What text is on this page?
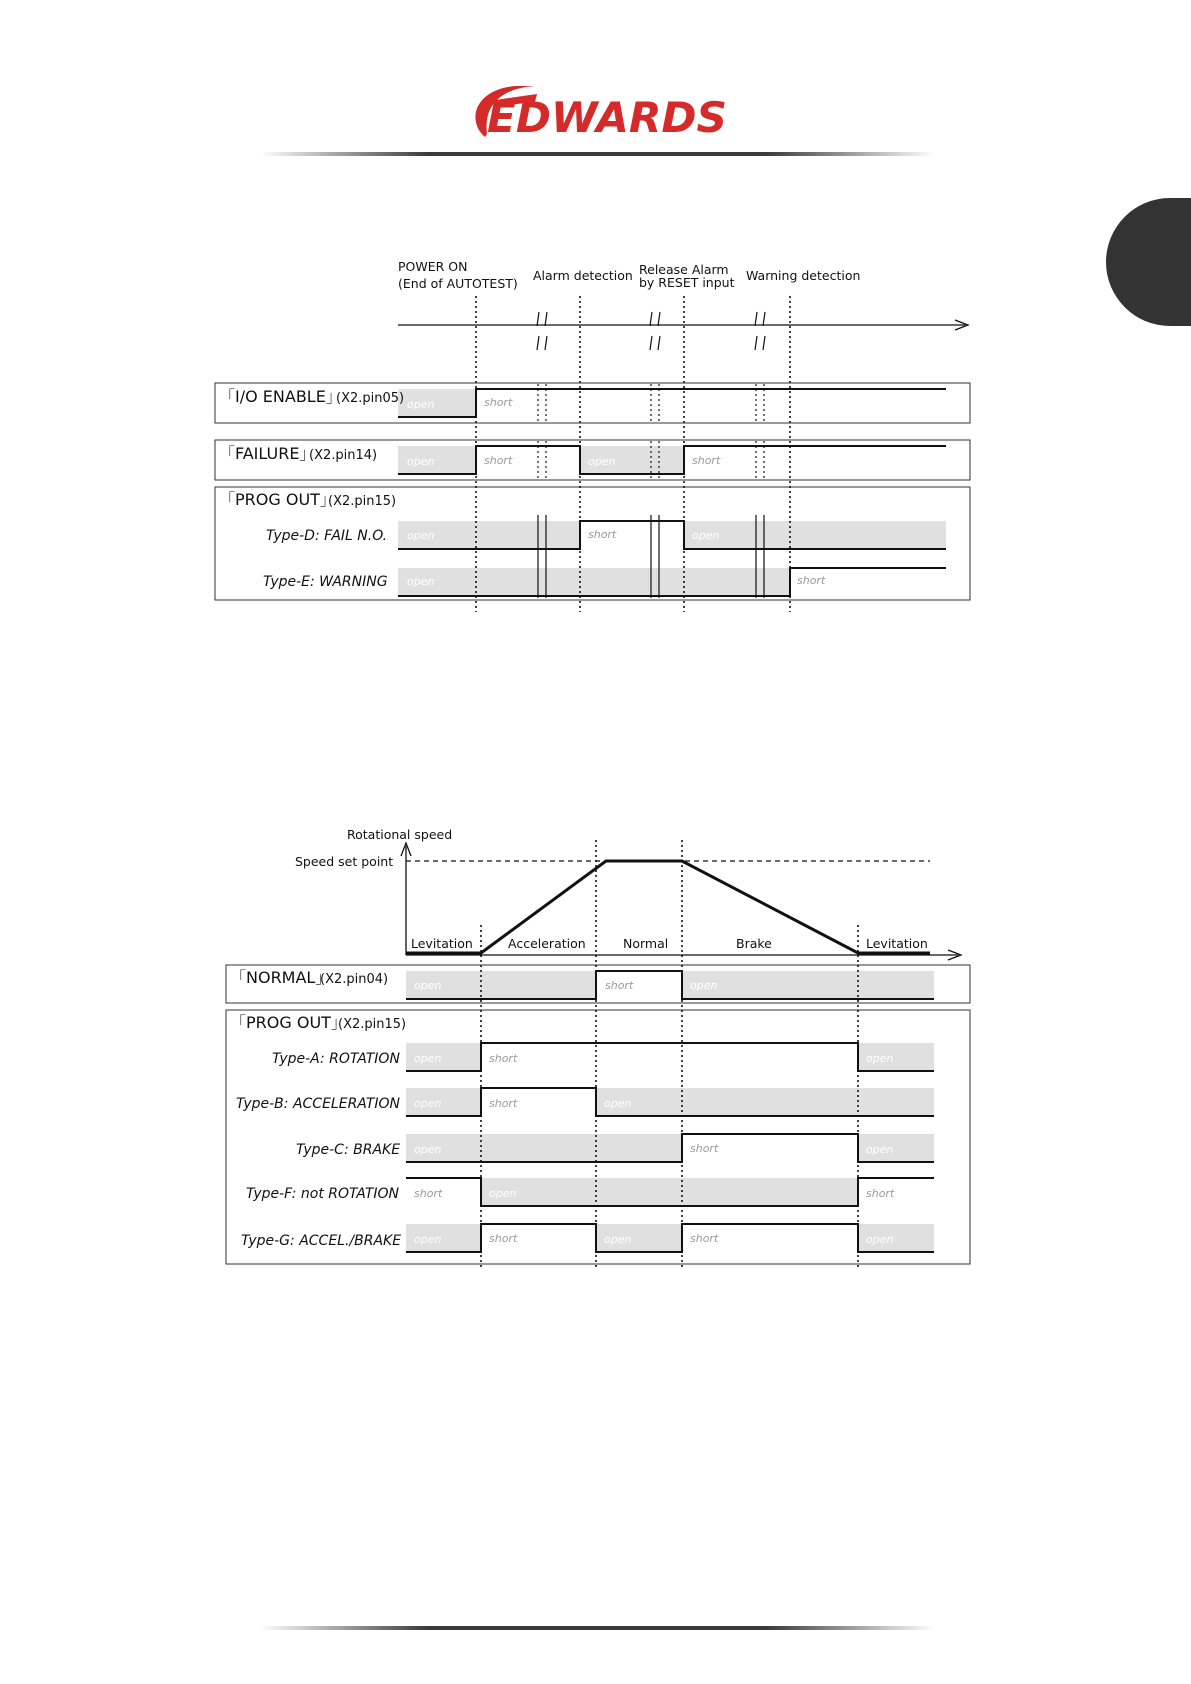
EDWARDS
POWER ON
(End of AUTOTEST)
Alarm detection Release Alarm
by RESET input Warning detection
「I/O ENABLE」
(X2.pin05)
「FAILURE」
(X2.pin14)
「PROG OUT」
(X2.pin15)
Type-D: FAIL N.O.
Type-E: WARNING
open	short
open	short	open	short
open	short	open
open	short
Rotational speed
Speed set point
Levitation	Acceleration	Normal	Brake	Levitation
「NORMAL」
(X2.pin04)
「PROG OUT」
(X2.pin15)
Type-A: ROTATION
Type-B: ACCELERATION
Type-C: BRAKE
Type-F: not ROTATION
Type-G: ACCEL./BRAKE
open	short	open
open	short	open
open	short	open
open	short	open
short	open	short
open	short	open	short	open
